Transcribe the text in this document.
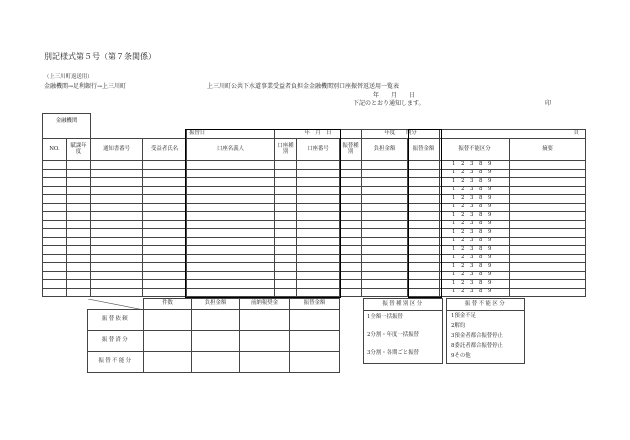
別記様式第５号（第７条関係）
（上三川町返送用）
金融機関→足利銀行→上三川町	上三川町公共下水道事業受益者負担金金融機関別口座振替返送用一覧表
年　　月　　日
下記のとおり通知します。	印
金融機関											

				振替日	年　月　日			年度　　期分		頁	
NO.	賦課年度	通知書番号	受益者氏名	口座名義人	口座種別	口座番号	振替種別	負担金額	振替金額	振替不能区分	摘要
										1 2 3 8 9	
										1 2 3 8 9	
										1 2 3 8 9	
										1 2 3 8 9	
										1 2 3 8 9	
										1 2 3 8 9	
										1 2 3 8 9	
										1 2 3 8 9	
										1 2 3 8 9	
										1 2 3 8 9	
										1 2 3 8 9	
										1 2 3 8 9	
										1 2 3 8 9	
										1 2 3 8 9	
										1 2 3 8 9	
										1 2 3 8 9	
	件数	負担金額	前納報奨金	振替金額
振替依頼				
振替済分				
振替不能分				
振替種別区分
1全額一括振替
2分割・年度一括振替
3分割・各期ごと振替
振替不能区分
1預金不足
2解約
3預金者都合振替停止
8委託者都合振替停止
9その他
